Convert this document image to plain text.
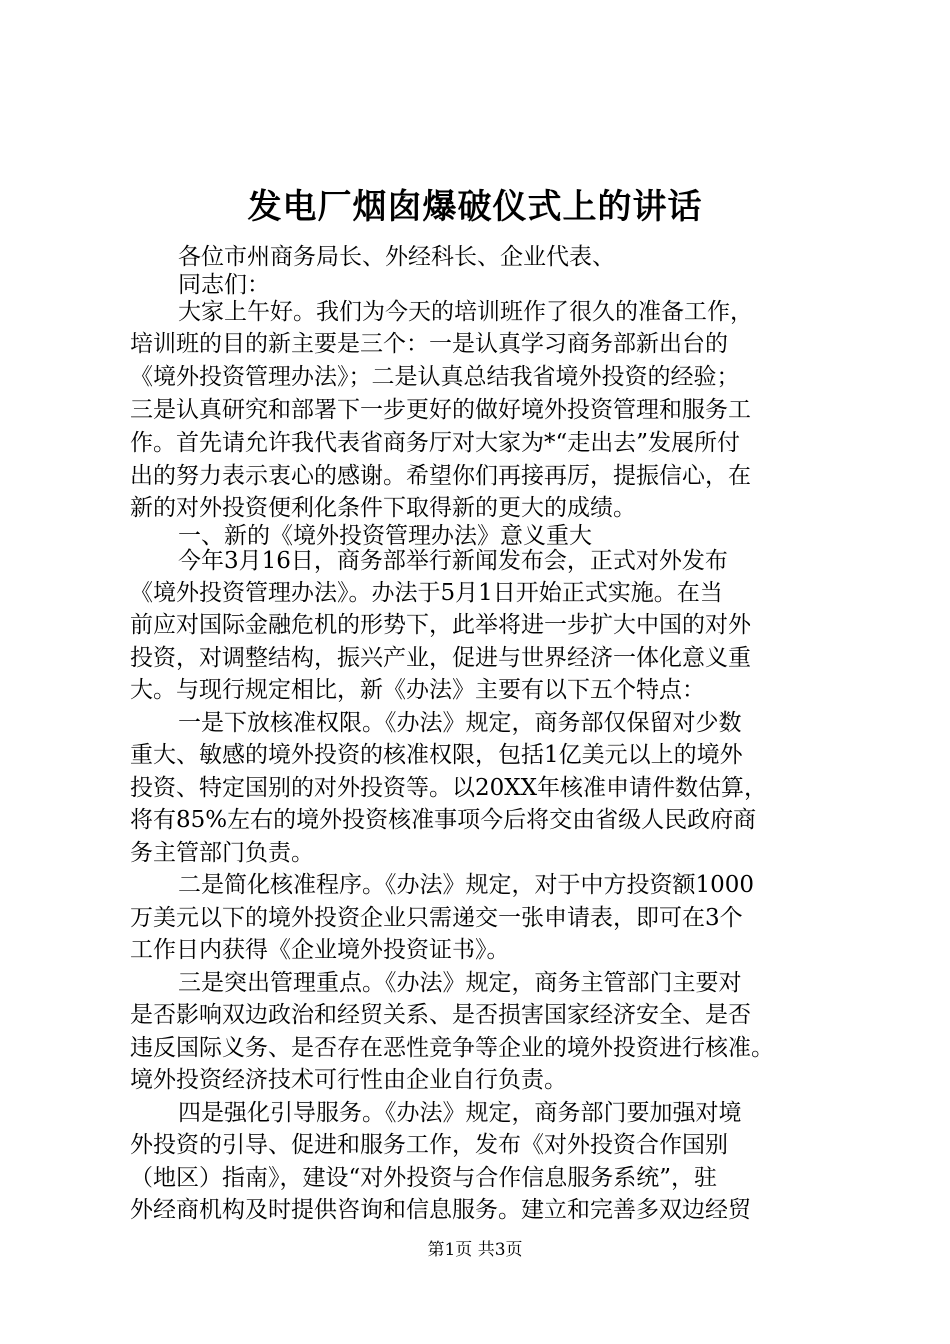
发电厂烟囱爆破仪式上的讲话
各位市州商务局长、外经科长、企业代表、
同志们：
大家上午好。我们为今天的培训班作了很久的准备工作，
培训班的目的新主要是三个：一是认真学习商务部新出台的
《境外投资管理办法》；二是认真总结我省境外投资的经验；
三是认真研究和部署下一步更好的做好境外投资管理和服务工
作。首先请允许我代表省商务厅对大家为*“走出去”发展所付
出的努力表示衷心的感谢。希望你们再接再厉，提振信心，在
新的对外投资便利化条件下取得新的更大的成绩。
一、新的《境外投资管理办法》意义重大
今年3月16日，商务部举行新闻发布会，正式对外发布
《境外投资管理办法》。办法于5月1日开始正式实施。在当
前应对国际金融危机的形势下，此举将进一步扩大中国的对外
投资，对调整结构，振兴产业，促进与世界经济一体化意义重
大。与现行规定相比，新《办法》主要有以下五个特点：
一是下放核准权限。《办法》规定，商务部仅保留对少数
重大、敏感的境外投资的核准权限，包括1亿美元以上的境外
投资、特定国别的对外投资等。以20XX年核准申请件数估算，
将有85%左右的境外投资核准事项今后将交由省级人民政府商
务主管部门负责。
二是简化核准程序。《办法》规定，对于中方投资额1000
万美元以下的境外投资企业只需递交一张申请表，即可在3个
工作日内获得《企业境外投资证书》。
三是突出管理重点。《办法》规定，商务主管部门主要对
是否影响双边政治和经贸关系、是否损害国家经济安全、是否
违反国际义务、是否存在恶性竞争等企业的境外投资进行核准。
境外投资经济技术可行性由企业自行负责。
四是强化引导服务。《办法》规定，商务部门要加强对境
外投资的引导、促进和服务工作，发布《对外投资合作国别
（地区）指南》，建设“对外投资与合作信息服务系统”，驻
外经商机构及时提供咨询和信息服务。建立和完善多双边经贸
第1页 共3页
